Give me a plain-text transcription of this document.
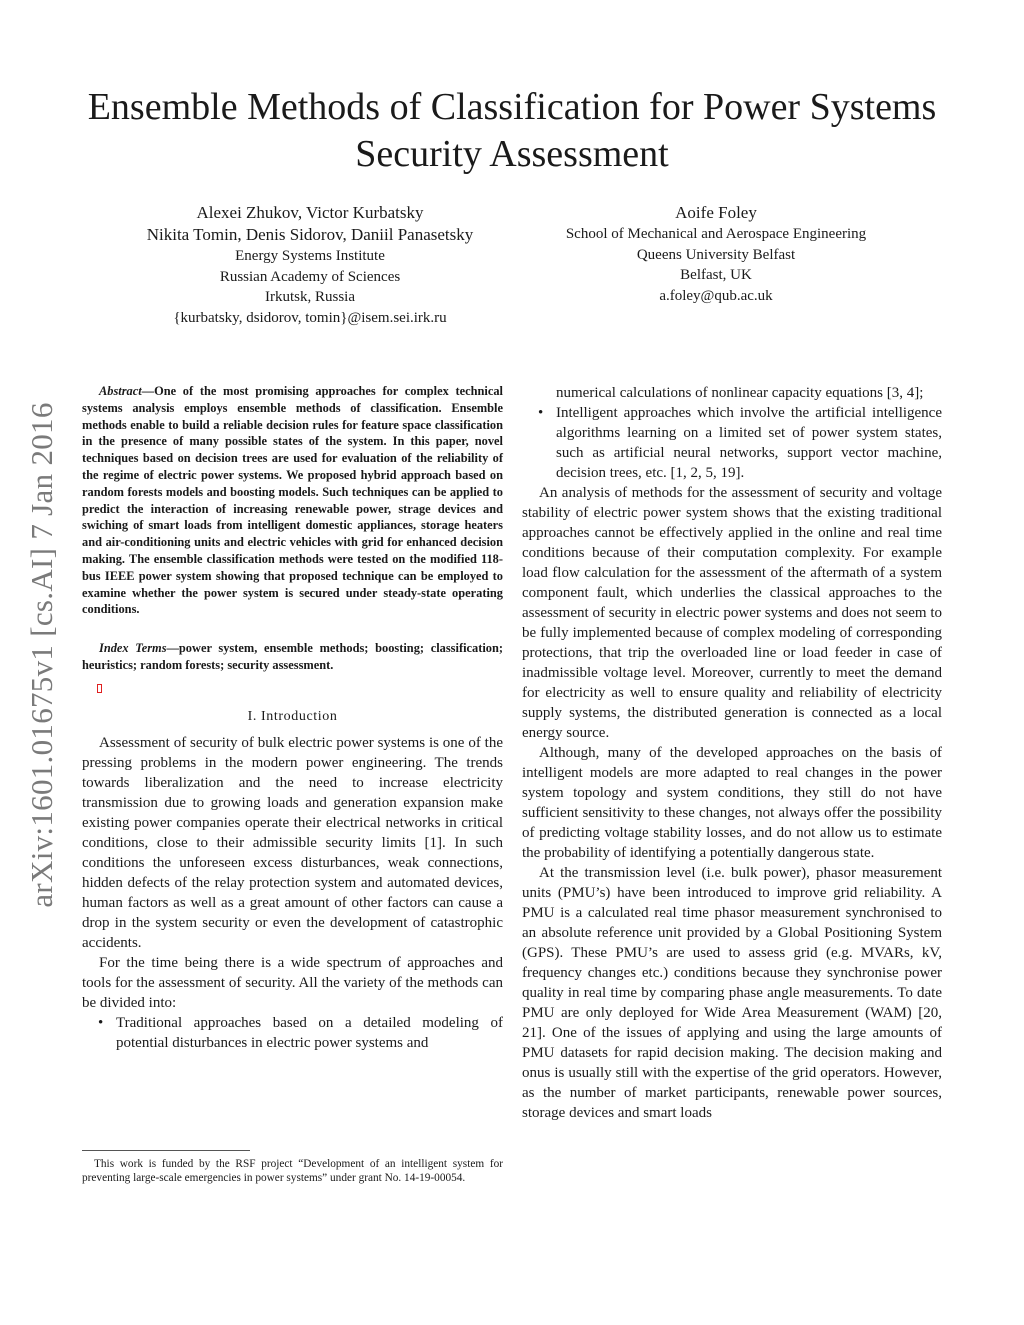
arXiv:1601.01675v1 [cs.AI] 7 Jan 2016
Ensemble Methods of Classification for Power Systems Security Assessment
Alexei Zhukov, Victor Kurbatsky
Nikita Tomin, Denis Sidorov, Daniil Panasetsky
Energy Systems Institute
Russian Academy of Sciences
Irkutsk, Russia
{kurbatsky, dsidorov, tomin}@isem.sei.irk.ru
Aoife Foley
School of Mechanical and Aerospace Engineering
Queens University Belfast
Belfast, UK
a.foley@qub.ac.uk

Abstract—One of the most promising approaches for complex technical systems analysis employs ensemble methods of classification. Ensemble methods enable to build a reliable decision rules for feature space classification in the presence of many possible states of the system. In this paper, novel techniques based on decision trees are used for evaluation of the reliability of the regime of electric power systems. We proposed hybrid approach based on random forests models and boosting models. Such techniques can be applied to predict the interaction of increasing renewable power, strage devices and swiching of smart loads from intelligent domestic appliances, storage heaters and air-conditioning units and electric vehicles with grid for enhanced decision making. The ensemble classification methods were tested on the modified 118-bus IEEE power system showing that proposed technique can be employed to examine whether the power system is secured under steady-state operating conditions.

Index Terms—power system, ensemble methods; boosting; classification; heuristics; random forests; security assessment.

I. Introduction

Assessment of security of bulk electric power systems is one of the pressing problems in the modern power engineering. The trends towards liberalization and the need to increase electricity transmission due to growing loads and generation expansion make existing power companies operate their electrical networks in critical conditions, close to their admissible security limits [1]. In such conditions the unforeseen excess disturbances, weak connections, hidden defects of the relay protection system and automated devices, human factors as well as a great amount of other factors can cause a drop in the system security or even the development of catastrophic accidents.

For the time being there is a wide spectrum of approaches and tools for the assessment of security. All the variety of the methods can be divided into:

• Traditional approaches based on a detailed modeling of potential disturbances in electric power systems and
numerical calculations of nonlinear capacity equations [3, 4];
• Intelligent approaches which involve the artificial intelligence algorithms learning on a limited set of power system states, such as artificial neural networks, support vector machine, decision trees, etc. [1, 2, 5, 19].

An analysis of methods for the assessment of security and voltage stability of electric power system shows that the existing traditional approaches cannot be effectively applied in the online and real time conditions because of their computation complexity. For example load flow calculation for the assessment of the aftermath of a system component fault, which underlies the classical approaches to the assessment of security in electric power systems and does not seem to be fully implemented because of complex modeling of corresponding protections, that trip the overloaded line or load feeder in case of inadmissible voltage level. Moreover, currently to meet the demand for electricity as well to ensure quality and reliability of electricity supply systems, the distributed generation is connected as a local energy source.

Although, many of the developed approaches on the basis of intelligent models are more adapted to real changes in the power system topology and system conditions, they still do not have sufficient sensitivity to these changes, not always offer the possibility of predicting voltage stability losses, and do not allow us to estimate the probability of identifying a potentially dangerous state.

At the transmission level (i.e. bulk power), phasor measurement units (PMU’s) have been introduced to improve grid reliability. A PMU is a calculated real time phasor measurement synchronised to an absolute reference unit provided by a Global Positioning System (GPS). These PMU’s are used to assess grid (e.g. MVARs, kV, frequency changes etc.) conditions because they synchronise power quality in real time by comparing phase angle measurements. To date PMU are only deployed for Wide Area Measurement (WAM) [20, 21]. One of the issues of applying and using the large amounts of PMU datasets for rapid decision making. The decision making and onus is usually still with the expertise of the grid operators. However, as the number of market participants, renewable power sources, storage devices and smart loads

This work is funded by the RSF project “Development of an intelligent system for preventing large-scale emergencies in power systems” under grant No. 14-19-00054.
